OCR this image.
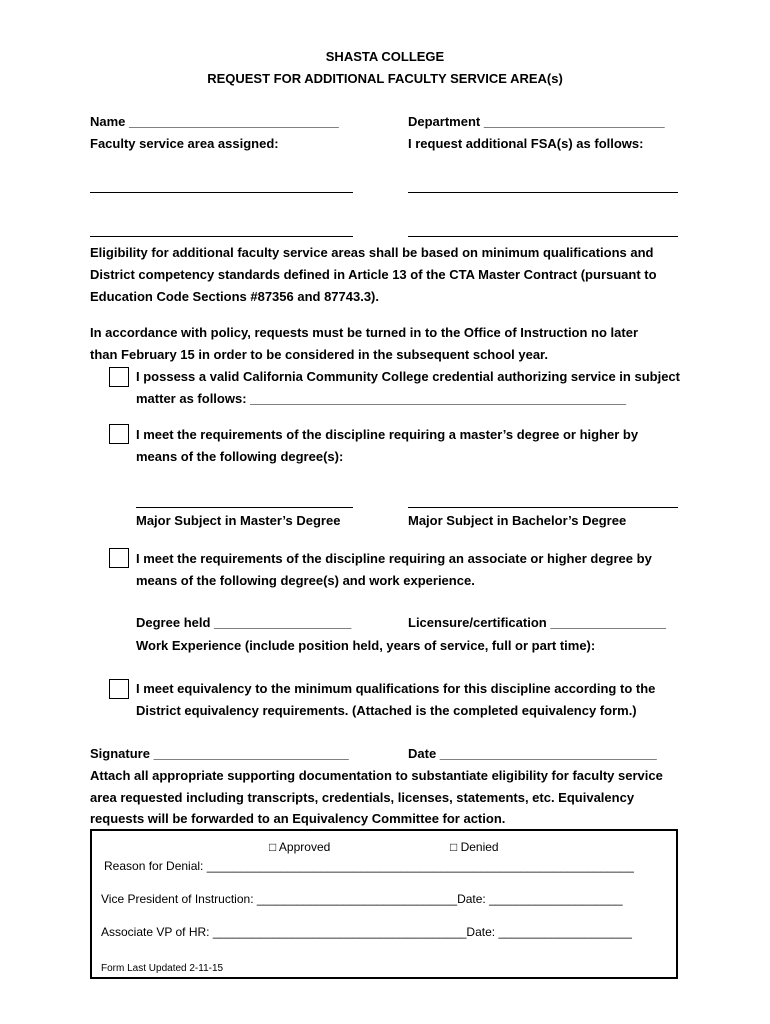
SHASTA COLLEGE
REQUEST FOR ADDITIONAL FACULTY SERVICE AREA(s)
Name _____________________________	Department _________________________
Faculty service area assigned:	I request additional FSA(s) as follows:
Eligibility for additional faculty service areas shall be based on minimum qualifications and
District competency standards defined in Article 13 of the CTA Master Contract (pursuant to
Education Code Sections #87356 and 87743.3).
In accordance with policy, requests must be turned in to the Office of Instruction no later
than February 15 in order to be considered in the subsequent school year.
I possess a valid California Community College credential authorizing service in subject
matter as follows: ____________________________________________________
I meet the requirements of the discipline requiring a master’s degree or higher by
means of the following degree(s):
Major Subject in Master’s Degree	Major Subject in Bachelor’s Degree
I meet the requirements of the discipline requiring an associate or higher degree by
means of the following degree(s) and work experience.
Degree held ___________________	Licensure/certification ________________
Work Experience (include position held, years of service, full or part time):
I meet equivalency to the minimum qualifications for this discipline according to the
District equivalency requirements. (Attached is the completed equivalency form.)
Signature ___________________________	Date ______________________________
Attach all appropriate supporting documentation to substantiate eligibility for faculty service
area requested including transcripts, credentials, licenses, statements, etc. Equivalency
requests will be forwarded to an Equivalency Committee for action.
□ Approved	□ Denied
Reason for Denial: ________________________________________________________________
Vice President of Instruction: ______________________________Date: ____________________
Associate VP of HR: ______________________________________Date: ____________________
Form Last Updated 2-11-15
